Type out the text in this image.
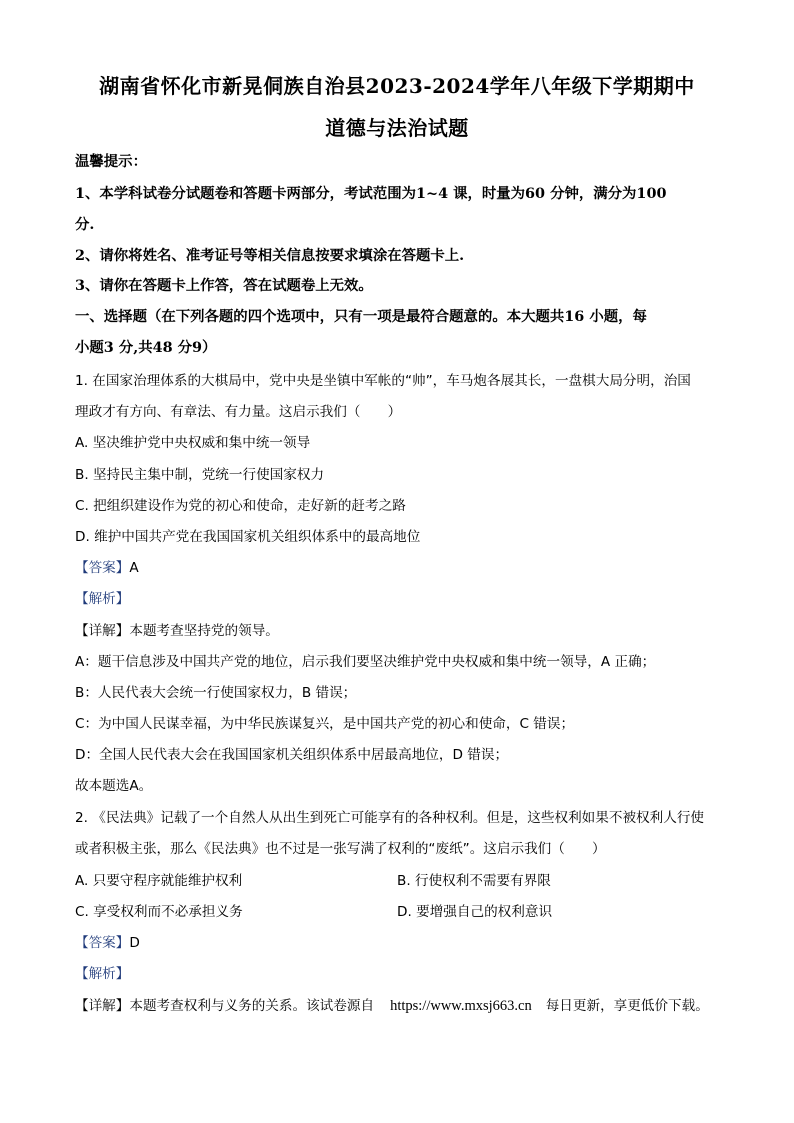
湖南省怀化市新晃侗族自治县2023-2024学年八年级下学期期中
道德与法治试题
温馨提示：
1、本学科试卷分试题卷和答题卡两部分，考试范围为1~4 课，时量为60 分钟，满分为100
分.
2、请你将姓名、准考证号等相关信息按要求填涂在答题卡上.
3、请你在答题卡上作答，答在试题卷上无效。
一、选择题（在下列各题的四个选项中，只有一项是最符合题意的。本大题共16 小题，每
小题3 分,共48 分9）
1. 在国家治理体系的大棋局中，党中央是坐镇中军帐的“帅”，车马炮各展其长，一盘棋大局分明，治国
理政才有方向、有章法、有力量。这启示我们（　　）
A. 坚决维护党中央权威和集中统一领导
B. 坚持民主集中制，党统一行使国家权力
C. 把组织建设作为党的初心和使命，走好新的赶考之路
D. 维护中国共产党在我国国家机关组织体系中的最高地位
【答案】A
【解析】
【详解】本题考查坚持党的领导。
A：题干信息涉及中国共产党的地位，启示我们要坚决维护党中央权威和集中统一领导，A 正确；
B：人民代表大会统一行使国家权力，B 错误；
C：为中国人民谋幸福，为中华民族谋复兴，是中国共产党的初心和使命，C 错误；
D：全国人民代表大会在我国国家机关组织体系中居最高地位，D 错误；
故本题选A。
2. 《民法典》记载了一个自然人从出生到死亡可能享有的各种权利。但是，这些权利如果不被权利人行使
或者积极主张，那么《民法典》也不过是一张写满了权利的“废纸”。这启示我们（　　）
A. 只要守程序就能维护权利	B. 行使权利不需要有界限
C. 享受权利而不必承担义务	D. 要增强自己的权利意识
【答案】D
【解析】
【详解】本题考查权利与义务的关系。该试卷源自 https://www.mxsj663.cn 每日更新，享更低价下载。
